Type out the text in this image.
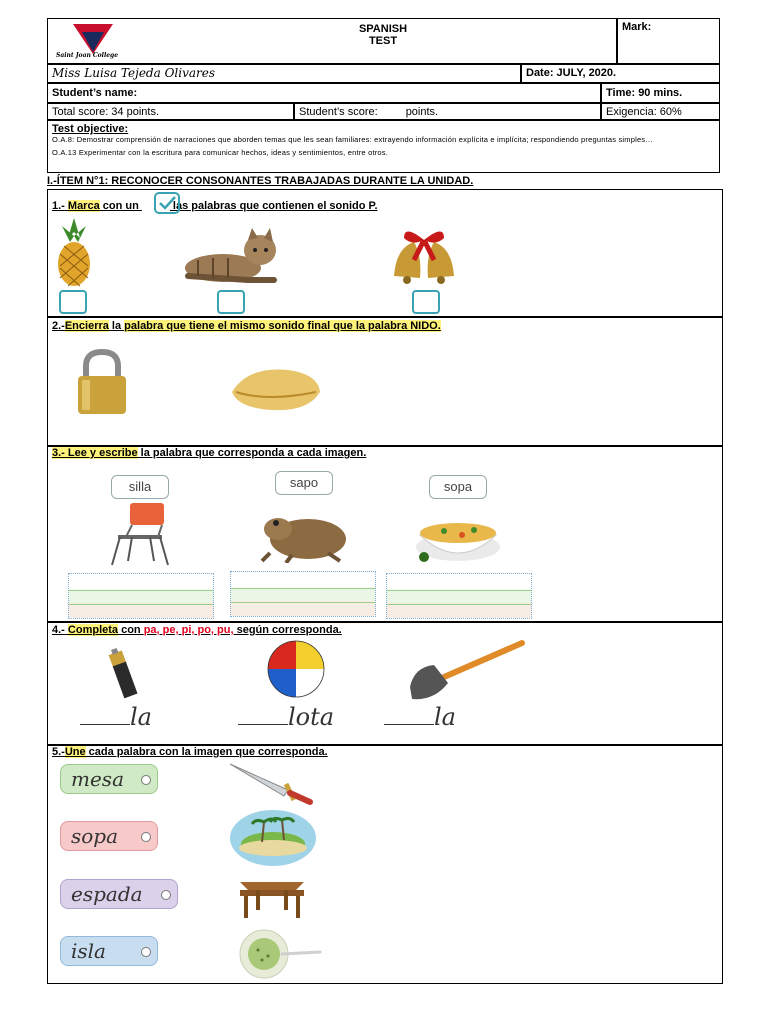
Saint Joan College
SPANISH
TEST
Mark:
Miss Luisa Tejeda Olivares	Date: JULY, 2020.
Student’s name:	Time: 90 mins.
Total score: 34 points.	Student’s score:	points.	Exigencia: 60%
Test objective:
O.A.8: Demostrar comprensión de narraciones que aborden temas que les sean familiares: extrayendo información explícita e implícita; respondiendo preguntas simples…
O.A.13 Experimentar con la escritura para comunicar hechos, ideas y sentimientos, entre otros.
I.-ÍTEM N°1: RECONOCER CONSONANTES TRABAJADAS DURANTE LA UNIDAD.
1.- Marca con un	las palabras que contienen el sonido P.
2.-Encierra la palabra que tiene el mismo sonido final que la palabra NIDO.
3.- Lee y escribe la palabra que corresponda a cada imagen.
silla	sapo	sopa
4.- Completa con pa, pe, pi, po, pu, según corresponda.
la	lota	la
5.-Une cada palabra con la imagen que corresponda.
mesa
sopa
espada
isla
